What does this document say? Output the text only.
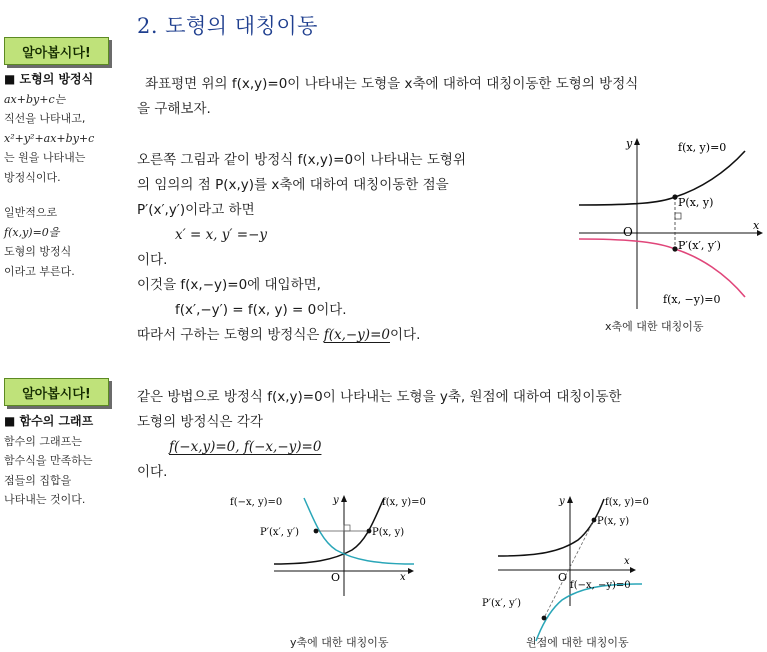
2. 도형의 대칭이동
알아봅시다!
■ 도형의 방정식
ax+by+c는
직선을 나타내고,
x²+y²+ax+by+c
는 원을 나타내는
방정식이다.
일반적으로
f(x,y)=0을
도형의 방정식
이라고 부른다.
알아봅시다!
■ 함수의 그래프
함수의 그래프는
함수식을 만족하는
점들의 집합을
나타내는 것이다.
좌표평면 위의 f(x,y)=0이 나타내는 도형을 x축에 대하여 대칭이동한 도형의 방정식
을 구해보자.
오른쪽 그림과 같이 방정식 f(x,y)=0이 나타내는 도형위
의 임의의 점 P(x,y)를 x축에 대하여 대칭이동한 점을
P′(x′,y′)이라고 하면
x′ = x, y′ =−y
이다.
이것을 f(x,−y)=0에 대입하면,
f(x′,−y′) = f(x, y) = 0이다.
따라서 구하는 도형의 방정식은 f(x,−y)=0이다.
같은 방법으로 방정식 f(x,y)=0이 나타내는 도형을 y축, 원점에 대하여 대칭이동한
도형의 방정식은 각각
f(−x,y)=0, f(−x,−y)=0
이다.
y
x
O
P(x, y)
P′(x′, y′)
f(x, y)=0
f(x, −y)=0
x축에 대한 대칭이동
y
x
O
P(x, y)
P′(x′, y′)
f(x, y)=0
f(−x, y)=0
y축에 대한 대칭이동
y
x
O
P(x, y)
P′(x′, y′)
f(x, y)=0
f(−x, −y)=0
원점에 대한 대칭이동
